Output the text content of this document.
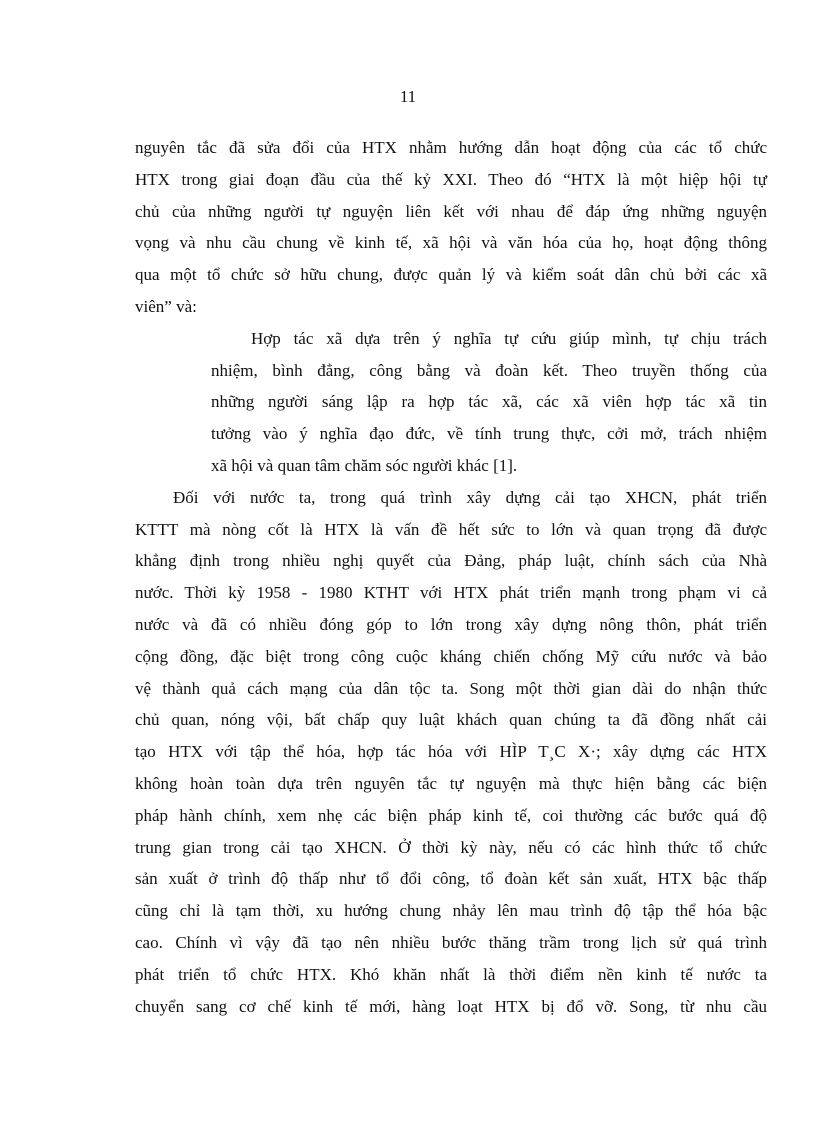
11
nguyên tắc đã sửa đổi của HTX nhằm hướng dẫn hoạt động của các tổ chức
HTX trong giai đoạn đầu của thế kỷ XXI. Theo đó “HTX là một hiệp hội tự
chủ của những người tự nguyện liên kết với nhau để đáp ứng những nguyện
vọng và nhu cầu chung về kinh tế, xã hội và văn hóa của họ, hoạt động thông
qua một tổ chức sở hữu chung, được quản lý và kiểm soát dân chủ bởi các xã
viên” và:
Hợp tác xã dựa trên ý nghĩa tự cứu giúp mình, tự chịu trách
nhiệm, bình đẳng, công bằng và đoàn kết. Theo truyền thống của
những người sáng lập ra hợp tác xã, các xã viên hợp tác xã tin
tưởng vào ý nghĩa đạo đức, về tính trung thực, cởi mở, trách nhiệm
xã hội và quan tâm chăm sóc người khác [1].
Đối với nước ta, trong quá trình xây dựng cải tạo XHCN, phát triển
KTTT mà nòng cốt là HTX là vấn đề hết sức to lớn và quan trọng đã được
khẳng định trong nhiều nghị quyết của Đảng, pháp luật, chính sách của Nhà
nước. Thời kỳ 1958 - 1980 KTHT với HTX phát triển mạnh trong phạm vi cả
nước và đã có nhiều đóng góp to lớn trong xây dựng nông thôn, phát triển
cộng đồng, đặc biệt trong công cuộc kháng chiến chống Mỹ cứu nước và bảo
vệ thành quả cách mạng của dân tộc ta. Song một thời gian dài do nhận thức
chủ quan, nóng vội, bất chấp quy luật khách quan chúng ta đã đồng nhất cải
tạo HTX với tập thể hóa, hợp tác hóa với HÌP T¸C X·; xây dựng các HTX
không hoàn toàn dựa trên nguyên tắc tự nguyện mà thực hiện bằng các biện
pháp hành chính, xem nhẹ các biện pháp kinh tế, coi thường các bước quá độ
trung gian trong cải tạo XHCN. Ở thời kỳ này, nếu có các hình thức tổ chức
sản xuất ở trình độ thấp như tổ đổi công, tổ đoàn kết sản xuất, HTX bậc thấp
cũng chỉ là tạm thời, xu hướng chung nhảy lên mau trình độ tập thể hóa bậc
cao. Chính vì vậy đã tạo nên nhiều bước thăng trầm trong lịch sử quá trình
phát triển tổ chức HTX. Khó khăn nhất là thời điểm nền kinh tế nước ta
chuyển sang cơ chế kinh tế mới, hàng loạt HTX bị đổ vỡ. Song, từ nhu cầu
